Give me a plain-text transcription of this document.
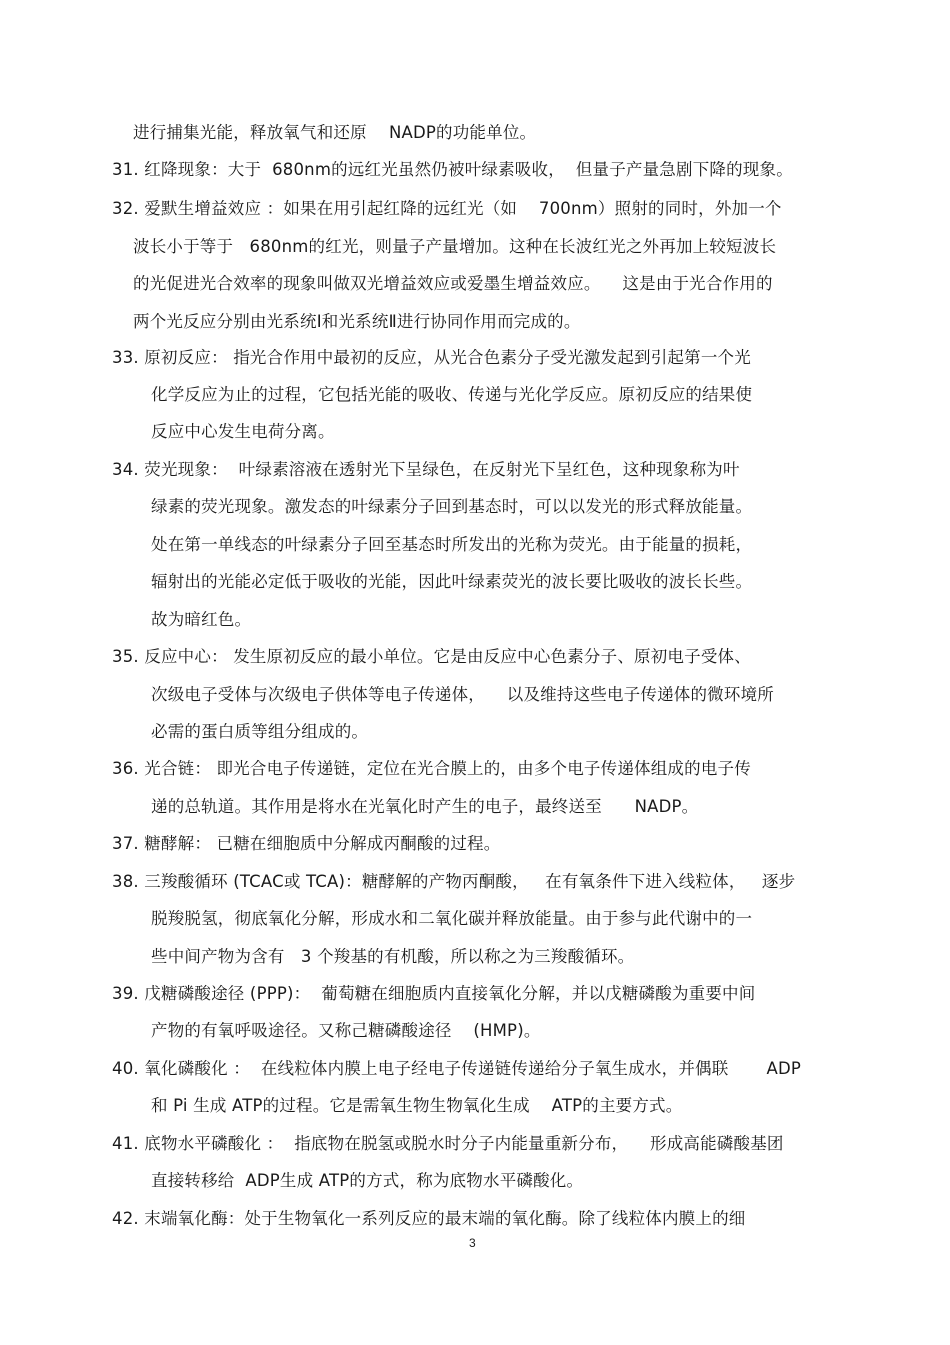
进行捕集光能，释放氧气和还原　 NADP的功能单位。
31. 红降现象：大于  680nm的远红光虽然仍被叶绿素吸收，  但量子产量急剧下降的现象。
32. 爱默生增益效应 ：如果在用引起红降的远红光（如    700nm）照射的同时，外加一个
波长小于等于   680nm的红光，则量子产量增加。这种在长波红光之外再加上较短波长
的光促进光合效率的现象叫做双光增益效应或爱墨生增益效应。    这是由于光合作用的
两个光反应分别由光系统Ⅰ和光系统Ⅱ进行协同作用而完成的。
33. 原初反应： 指光合作用中最初的反应，从光合色素分子受光激发起到引起第一个光
化学反应为止的过程，它包括光能的吸收、传递与光化学反应。原初反应的结果使
反应中心发生电荷分离。
34. 荧光现象：  叶绿素溶液在透射光下呈绿色，在反射光下呈红色，这种现象称为叶
绿素的荧光现象。激发态的叶绿素分子回到基态时，可以以发光的形式释放能量。
处在第一单线态的叶绿素分子回至基态时所发出的光称为荧光。由于能量的损耗，
辐射出的光能必定低于吸收的光能，因此叶绿素荧光的波长要比吸收的波长长些。
故为暗红色。
35. 反应中心： 发生原初反应的最小单位。它是由反应中心色素分子、原初电子受体、
次级电子受体与次级电子供体等电子传递体，    以及维持这些电子传递体的微环境所
必需的蛋白质等组分组成的。
36. 光合链： 即光合电子传递链，定位在光合膜上的，由多个电子传递体组成的电子传
递的总轨道。其作用是将水在光氧化时产生的电子，最终送至      NADP。
37. 糖酵解： 已糖在细胞质中分解成丙酮酸的过程。
38. 三羧酸循环 (TCAC或 TCA)：糖酵解的产物丙酮酸，   在有氧条件下进入线粒体，   逐步
脱羧脱氢，彻底氧化分解，形成水和二氧化碳并释放能量。由于参与此代谢中的一
些中间产物为含有   3 个羧基的有机酸，所以称之为三羧酸循环。
39. 戊糖磷酸途径 (PPP)：  葡萄糖在细胞质内直接氧化分解，并以戊糖磷酸为重要中间
产物的有氧呼吸途径。又称己糖磷酸途径    (HMP)。
40. 氧化磷酸化 ：  在线粒体内膜上电子经电子传递链传递给分子氧生成水，并偶联       ADP
和 Pi 生成 ATP的过程。它是需氧生物生物氧化生成    ATP的主要方式。
41. 底物水平磷酸化 ：  指底物在脱氢或脱水时分子内能量重新分布，    形成高能磷酸基团
直接转移给  ADP生成 ATP的方式，称为底物水平磷酸化。
42. 末端氧化酶：处于生物氧化一系列反应的最末端的氧化酶。除了线粒体内膜上的细
3
